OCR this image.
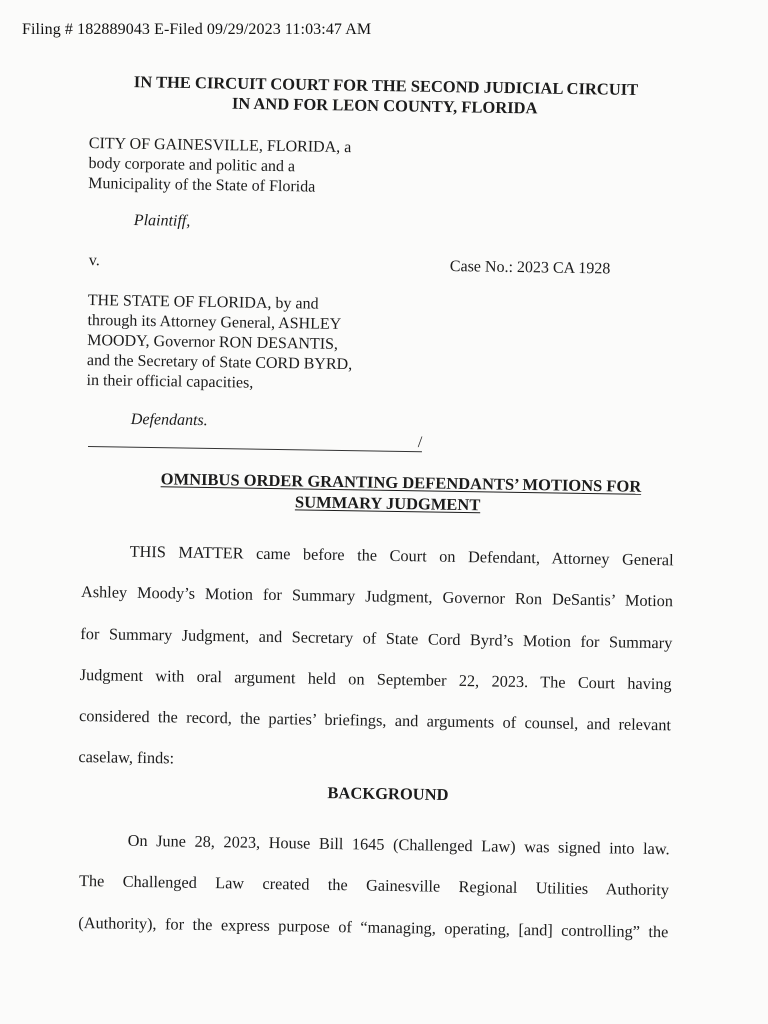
Filing # 182889043 E-Filed 09/29/2023 11:03:47 AM
IN THE CIRCUIT COURT FOR THE SECOND JUDICIAL CIRCUIT
IN AND FOR LEON COUNTY, FLORIDA
CITY OF GAINESVILLE, FLORIDA, a
body corporate and politic and a
Municipality of the State of Florida
Plaintiff,
v.	Case No.: 2023 CA 1928
THE STATE OF FLORIDA, by and
through its Attorney General, ASHLEY
MOODY, Governor RON DESANTIS,
and the Secretary of State CORD BYRD,
in their official capacities,
Defendants.
/
OMNIBUS ORDER GRANTING DEFENDANTS’ MOTIONS FOR
SUMMARY JUDGMENT
THIS MATTER came before the Court on Defendant, Attorney General
Ashley Moody’s Motion for Summary Judgment, Governor Ron DeSantis’ Motion
for Summary Judgment, and Secretary of State Cord Byrd’s Motion for Summary
Judgment with oral argument held on September 22, 2023. The Court having
considered the record, the parties’ briefings, and arguments of counsel, and relevant
caselaw, finds:
BACKGROUND
On June 28, 2023, House Bill 1645 (Challenged Law) was signed into law.
The Challenged Law created the Gainesville Regional Utilities Authority
(Authority), for the express purpose of “managing, operating, [and] controlling” the
